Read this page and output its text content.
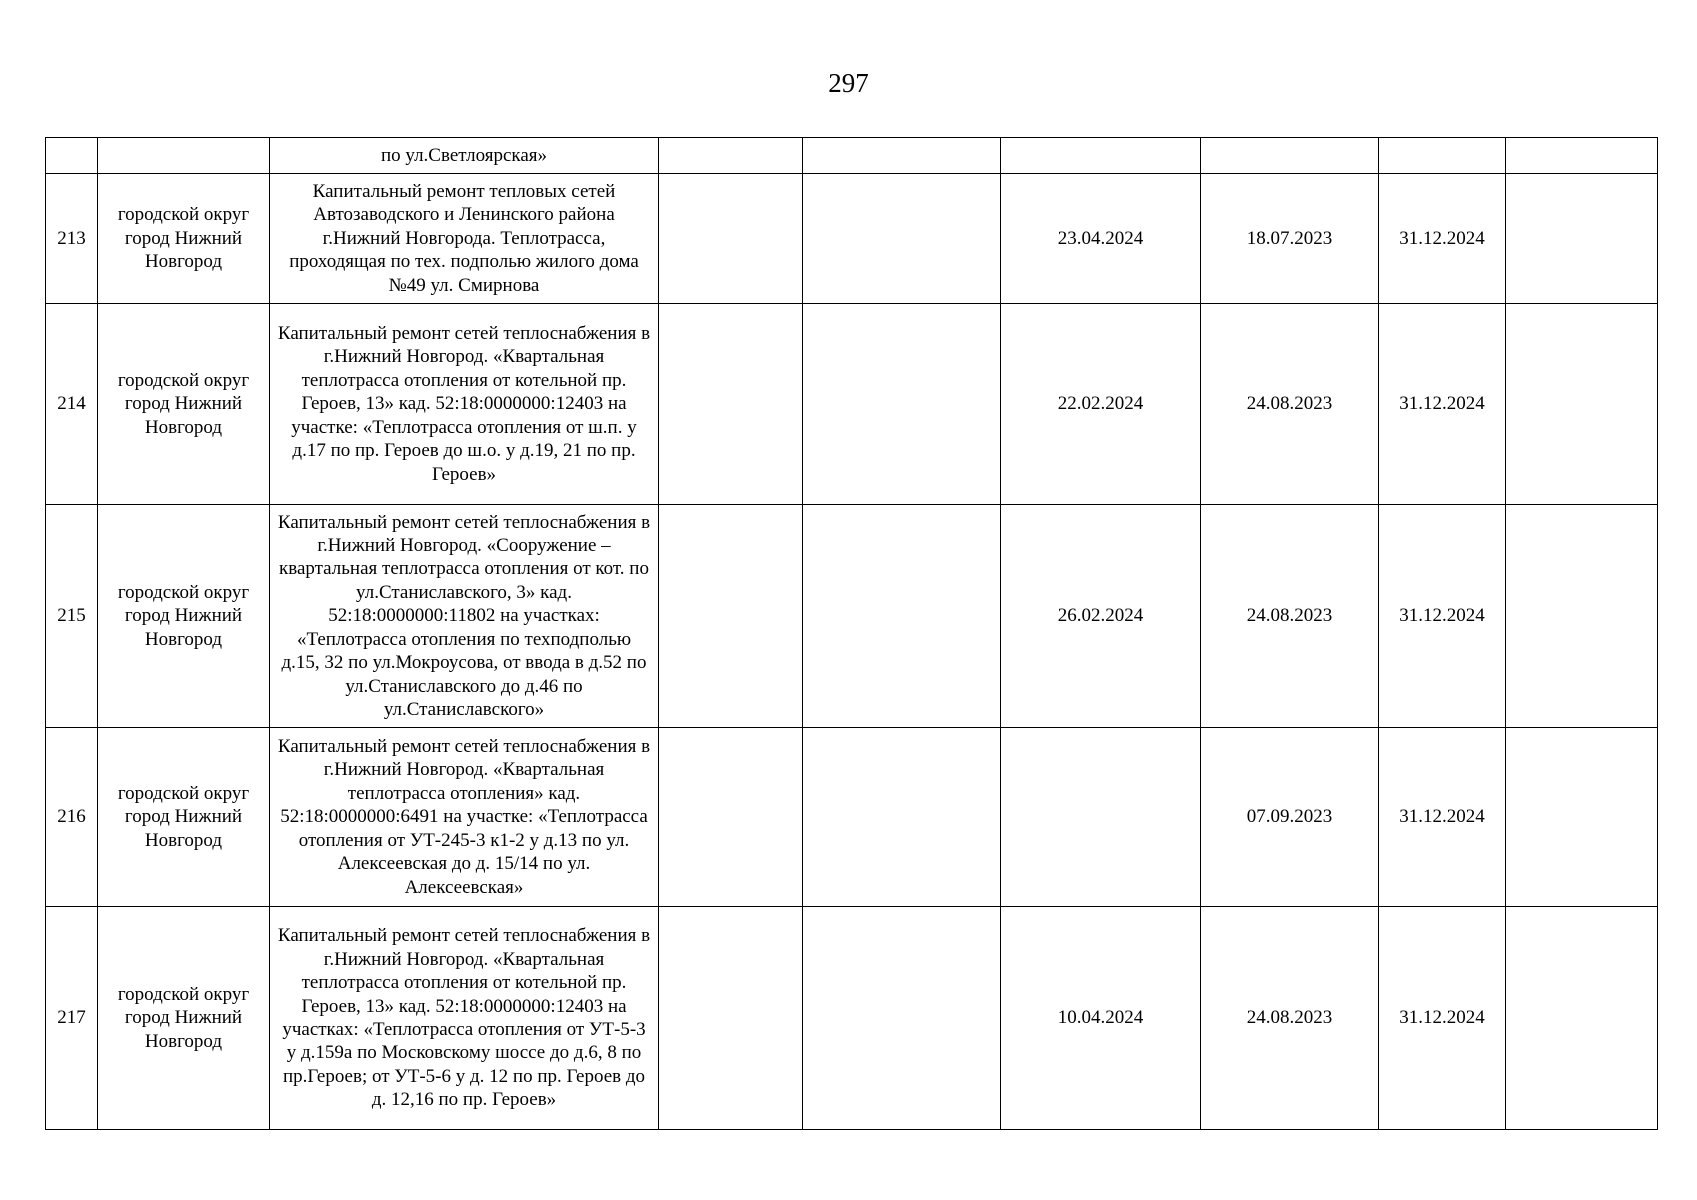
297
		по ул.Светлоярская»						
213	городской округ город Нижний Новгород	Капитальный ремонт тепловых сетей Автозаводского и Ленинского района г.Нижний Новгорода. Теплотрасса, проходящая по тех. подполью жилого дома №49 ул. Смирнова			23.04.2024	18.07.2023	31.12.2024	
214	городской округ город Нижний Новгород	Капитальный ремонт сетей теплоснабжения в г.Нижний Новгород. «Квартальная теплотрасса отопления от котельной пр. Героев, 13» кад. 52:18:0000000:12403 на участке: «Теплотрасса отопления от ш.п. у д.17 по пр. Героев до ш.о. у д.19, 21 по пр. Героев»			22.02.2024	24.08.2023	31.12.2024	
215	городской округ город Нижний Новгород	Капитальный ремонт сетей теплоснабжения в г.Нижний Новгород. «Сооружение – квартальная теплотрасса отопления от кот. по ул.Станиславского, 3» кад. 52:18:0000000:11802 на участках: «Теплотрасса отопления по техподполью д.15, 32 по ул.Мокроусова, от ввода в д.52 по ул.Станиславского до д.46 по ул.Станиславского»			26.02.2024	24.08.2023	31.12.2024	
216	городской округ город Нижний Новгород	Капитальный ремонт сетей теплоснабжения в г.Нижний Новгород. «Квартальная теплотрасса отопления» кад. 52:18:0000000:6491 на участке: «Теплотрасса отопления от УТ-245-3 к1-2 у д.13 по ул. Алексеевская до д. 15/14 по ул. Алексеевская»				07.09.2023	31.12.2024	
217	городской округ город Нижний Новгород	Капитальный ремонт сетей теплоснабжения в г.Нижний Новгород. «Квартальная теплотрасса отопления от котельной пр. Героев, 13» кад. 52:18:0000000:12403 на участках: «Теплотрасса отопления от УТ-5-3 у д.159а по Московскому шоссе до д.6, 8 по пр.Героев; от УТ-5-6 у д. 12 по пр. Героев до д. 12,16 по пр. Героев»			10.04.2024	24.08.2023	31.12.2024	
